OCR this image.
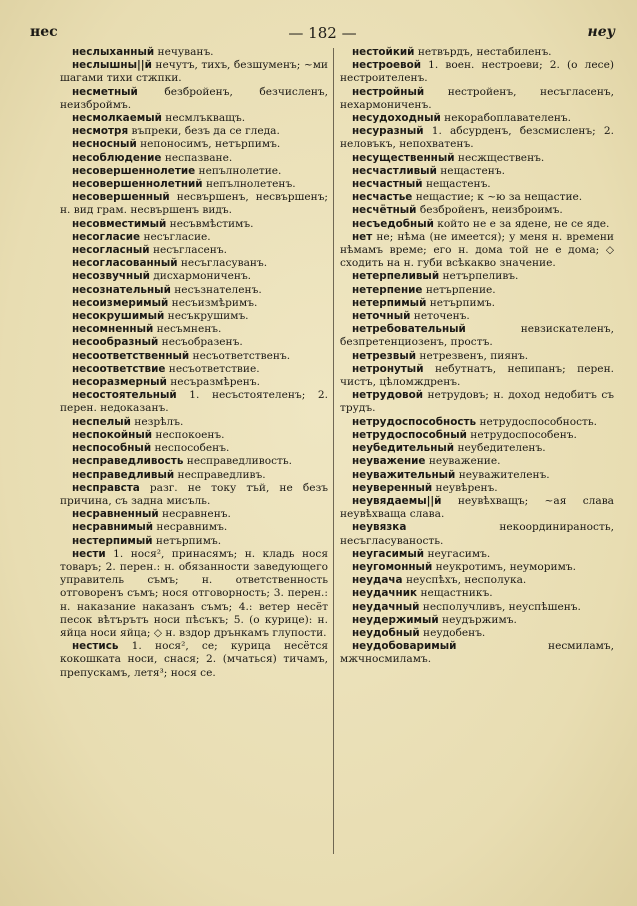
нес	— 182 —	неу

неслыханный нечуванъ.

неслышны||й нечутъ, тихъ, безшуменъ; ~ми шагами тихи стжпки.

несметный	безбройенъ, безчисленъ, неизброймъ.

несмолкаемый несмлъкващъ.

несмотря въпреки, безъ да се гледа.

несносный непоносимъ, нетърпимъ.

несоблюдение неспазване.

несовершеннолетие непълнолетие.

несовершеннолетний непълнолетенъ.

несовершенный несвършенъ, несвършенъ; н. вид грам. несвършенъ видъ.

несовместимый несъвмѣстимъ.

несогласие несъгласие.

несогласный несъгласенъ.

несогласованный несъгласуванъ.

несозвучный дисхармониченъ.

несознательный несъзнателенъ.

несоизмеримый несъизмѣримъ.

несокрушимый несъкрушимъ.

несомненный несъмненъ.

несообразный несъобразенъ.

несоответственный несъответственъ.

несоответствие несъответствие.

несоразмерный несъразмѣренъ.

несостоятельный 1. несъстоятеленъ; 2. перен. недоказанъ.

неспелый незрѣлъ.

неспокойный неспокоенъ.

неспособный неспособенъ.

несправедливость несправедливость.

несправедливый несправедливъ.

несправста разг. не току тъй, не безъ причина, съ задна мисъль.

несравненный несравненъ.

несравнимый несравнимъ.

нестерпимый нетърпимъ.

нести 1. нося², принасямъ; н. кладь нося товаръ; 2. перен.: н. обязанности заведующего управитель съмъ; н. ответственность отговоренъ съмъ; нося отговорность; 3. перен.: н. наказание наказанъ съмъ; 4.: ветер несёт песок вѣтърътъ носи пѣсъкъ; 5. (о курице): н. яйца носи яйца; ◇ н. вздор дрънкамъ глупости.

нестись 1. нося², се; курица несётся кокошката носи, снася; 2. (мчаться) тичамъ, препускамъ, летя³; нося се.

нестойкий нетвърдъ, нестабиленъ.

нестроевой 1. воен. нестроеви; 2. (о лесе) нестроителенъ.

нестройный нестройенъ, несъгласенъ, нехармониченъ.

несудоходный некорабоплавателенъ.

несуразный 1. абсурденъ, безсмисленъ; 2. неловъкъ, непохватенъ.

несущественный несжщественъ.

несчастливый нещастенъ.

несчастный нещастенъ.

несчастье нещастие; к ~ю за нещастие.

несчётный безбройенъ, неизброимъ.

несъедобный който не е за ядене, не се яде.

нет не; нѣма (не имеется); у меня н. времени нѣмамъ време; его н. дома той не е дома; ◇ сходить на н. губи всѣкакво значение.

нетерпеливый нетърпеливъ.

нетерпение нетърпение.

нетерпимый нетърпимъ.

неточный неточенъ.

нетребовательный	невзискателенъ, безпретенциозенъ, простъ.

нетрезвый нетрезвенъ, пиянъ.

нетронутый небутнатъ, непипанъ; перен. чистъ, цѣломждренъ.

нетрудовой нетрудовъ; н. доход недобитъ съ трудъ.

нетрудоспособность нетрудоспособность.

нетрудоспособный нетрудоспособенъ.

неубедительный неубедителенъ.

неуважение неуважение.

неуважительный неуважителенъ.

неуверенный неувѣренъ.

неувядаемы||й неувѣхващъ; ~ая слава неувѣхваща слава.

неувязка	некоординираность, несъгласуваность.

неугасимый неугасимъ.

неугомонный неукротимъ, неуморимъ.

неудача неуспѣхъ, несполука.

неудачник нещастникъ.

неудачный несполучливъ, неуспѣшенъ.

неудержимый неудържимъ.

неудобный неудобенъ.

неудобоваримый	несмиламъ, мжчносмиламъ.
